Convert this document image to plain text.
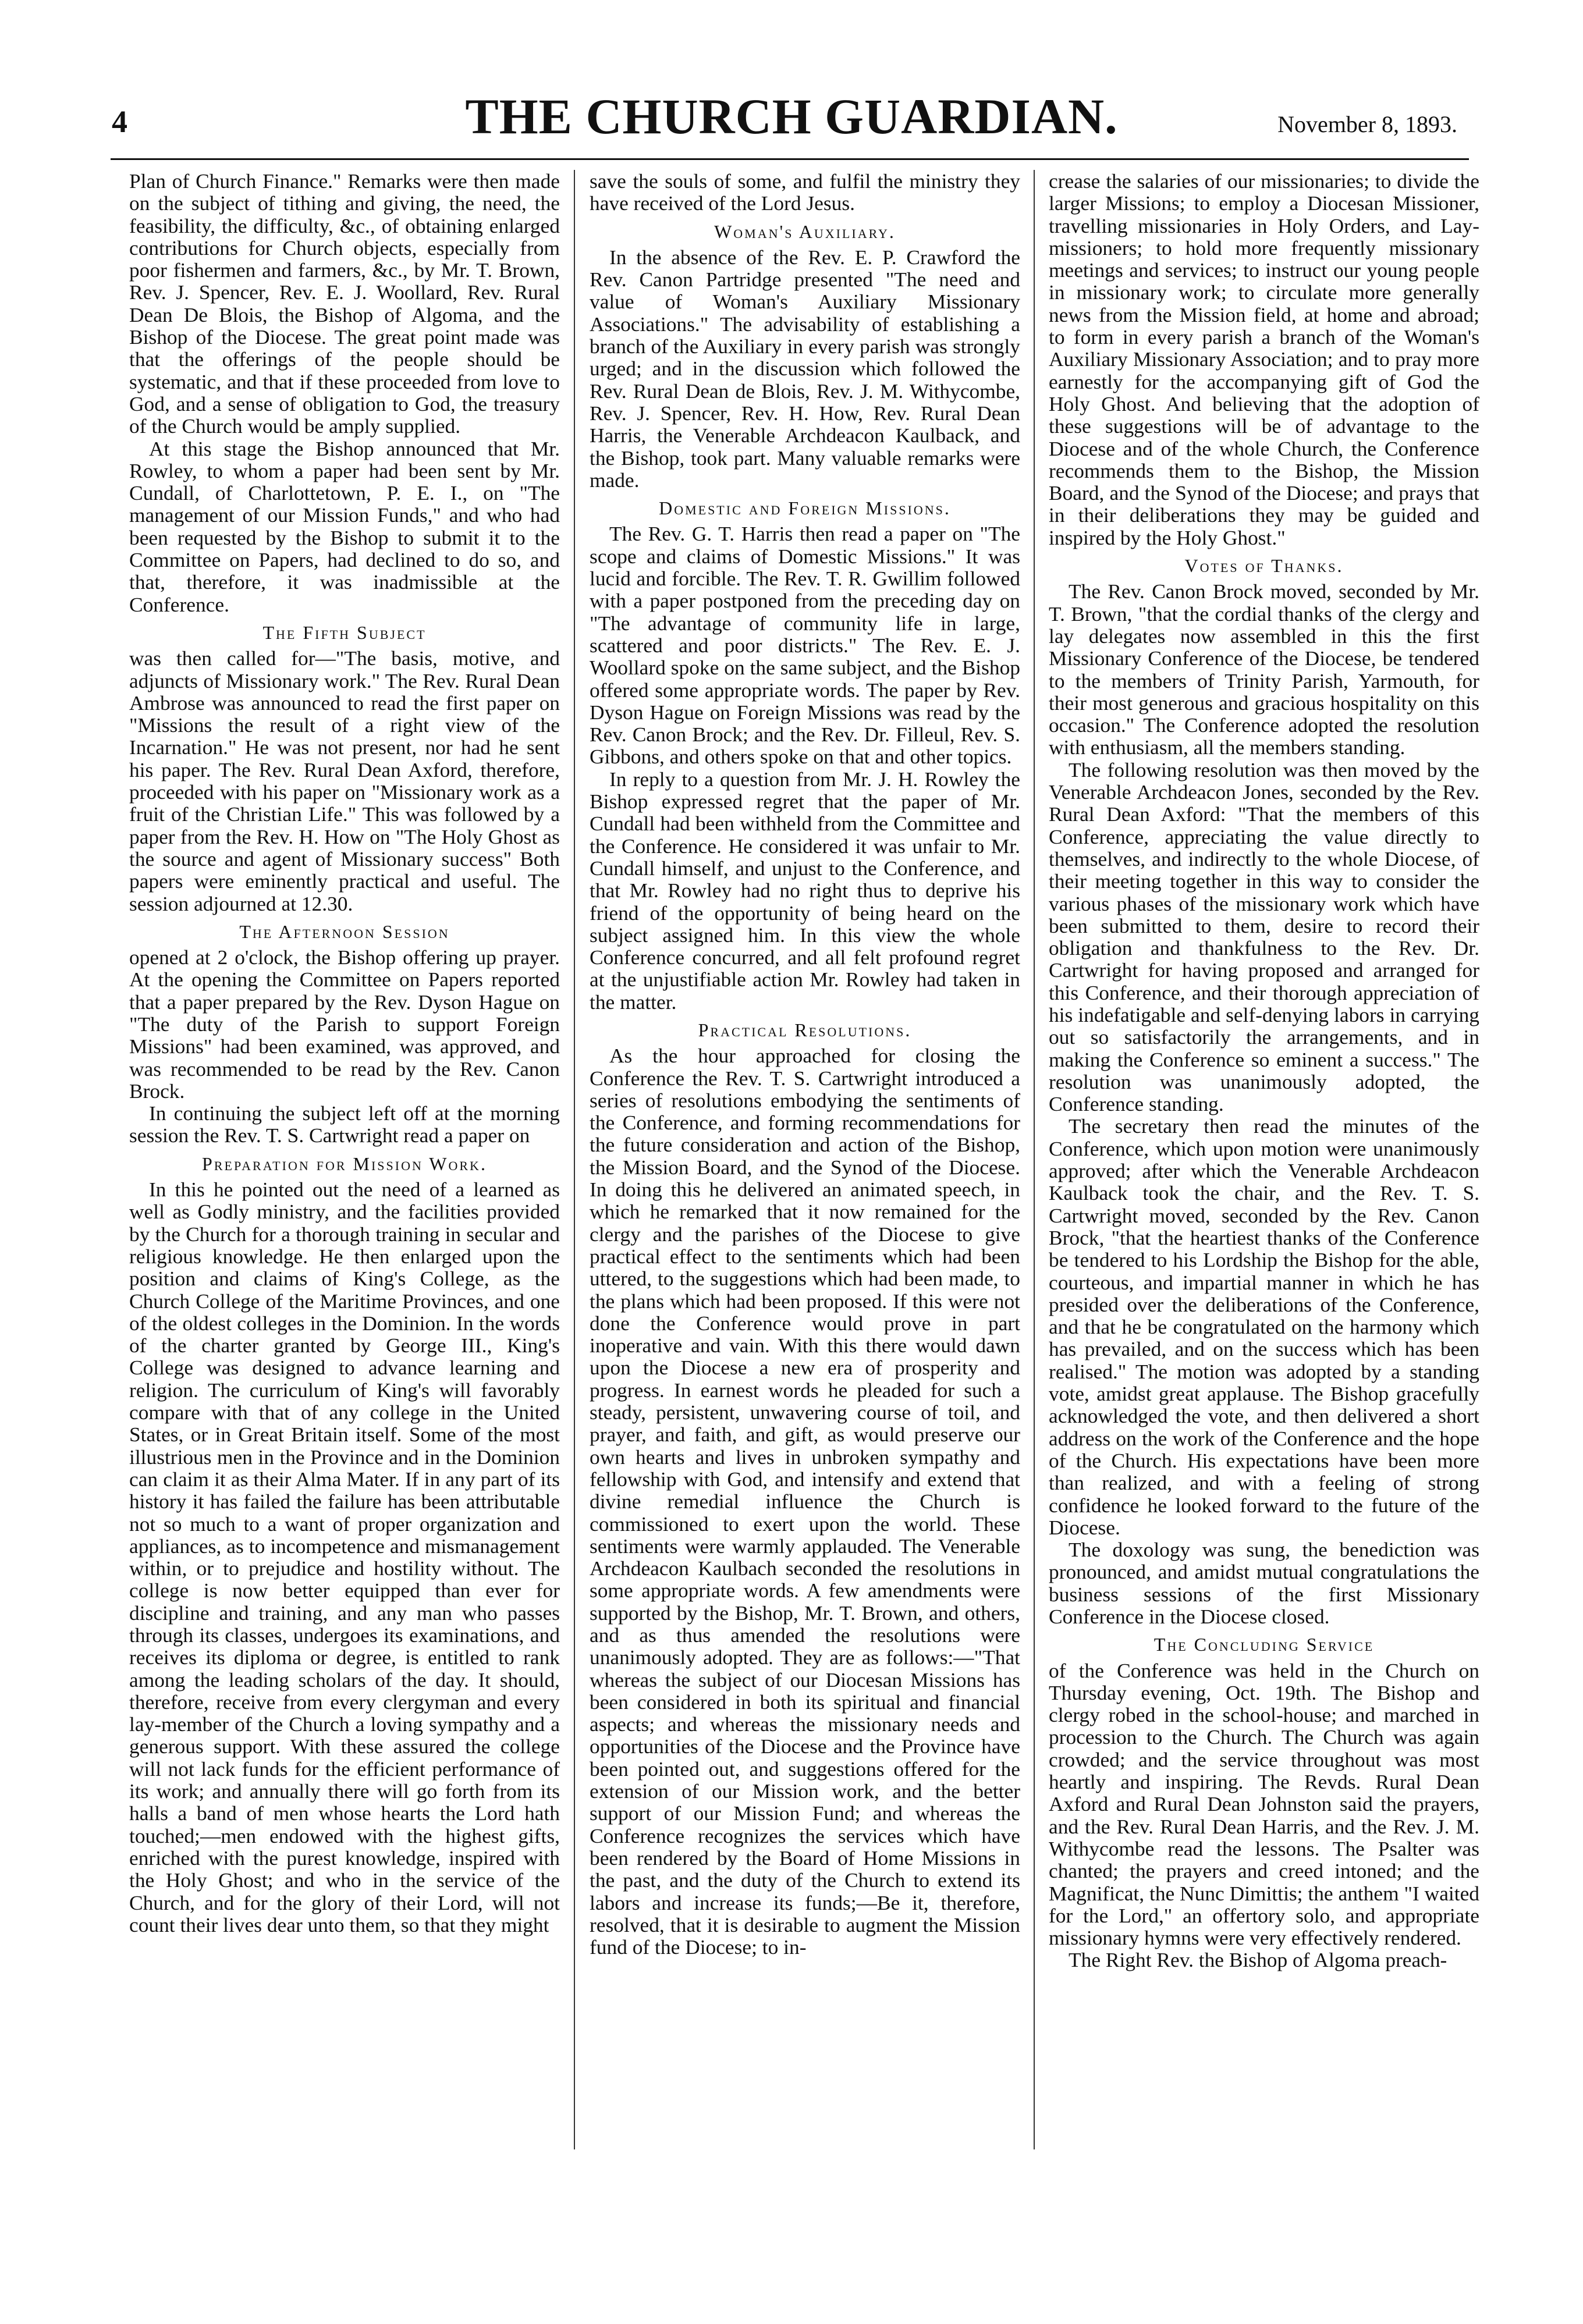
4	THE CHURCH GUARDIAN.	November 8, 1893.

Plan of Church Finance." Remarks were then made on the subject of tithing and giving, the need, the feasibility, the difficulty, &c., of obtaining enlarged contributions for Church objects, especially from poor fishermen and farmers, &c., by Mr. T. Brown, Rev. J. Spencer, Rev. E. J. Woollard, Rev. Rural Dean De Blois, the Bishop of Algoma, and the Bishop of the Diocese. The great point made was that the offerings of the people should be systematic, and that if these proceeded from love to God, and a sense of obligation to God, the treasury of the Church would be amply supplied.

At this stage the Bishop announced that Mr. Rowley, to whom a paper had been sent by Mr. Cundall, of Charlottetown, P. E. I., on "The management of our Mission Funds," and who had been requested by the Bishop to submit it to the Committee on Papers, had declined to do so, and that, therefore, it was inadmissible at the Conference.

The Fifth Subject

was then called for—"The basis, motive, and adjuncts of Missionary work." The Rev. Rural Dean Ambrose was announced to read the first paper on "Missions the result of a right view of the Incarnation." He was not present, nor had he sent his paper. The Rev. Rural Dean Axford, therefore, proceeded with his paper on "Missionary work as a fruit of the Christian Life." This was followed by a paper from the Rev. H. How on "The Holy Ghost as the source and agent of Missionary success" Both papers were eminently practical and useful. The session adjourned at 12.30.

The Afternoon Session

opened at 2 o'clock, the Bishop offering up prayer. At the opening the Committee on Papers reported that a paper prepared by the Rev. Dyson Hague on "The duty of the Parish to support Foreign Missions" had been examined, was approved, and was recommended to be read by the Rev. Canon Brock.

In continuing the subject left off at the morning session the Rev. T. S. Cartwright read a paper on

Preparation for Mission Work.

In this he pointed out the need of a learned as well as Godly ministry, and the facilities provided by the Church for a thorough training in secular and religious knowledge. He then enlarged upon the position and claims of King's College, as the Church College of the Maritime Provinces, and one of the oldest colleges in the Dominion. In the words of the charter granted by George III., King's College was designed to advance learning and religion. The curriculum of King's will favorably compare with that of any college in the United States, or in Great Britain itself. Some of the most illustrious men in the Province and in the Dominion can claim it as their Alma Mater. If in any part of its history it has failed the failure has been attributable not so much to a want of proper organization and appliances, as to incompetence and mismanagement within, or to prejudice and hostility without. The college is now better equipped than ever for discipline and training, and any man who passes through its classes, undergoes its examinations, and receives its diploma or degree, is entitled to rank among the leading scholars of the day. It should, therefore, receive from every clergyman and every lay-member of the Church a loving sympathy and a generous support. With these assured the college will not lack funds for the efficient performance of its work; and annually there will go forth from its halls a band of men whose hearts the Lord hath touched;—men endowed with the highest gifts, enriched with the purest knowledge, inspired with the Holy Ghost; and who in the service of the Church, and for the glory of their Lord, will not count their lives dear unto them, so that they might

save the souls of some, and fulfil the ministry they have received of the Lord Jesus.

Woman's Auxiliary.

In the absence of the Rev. E. P. Crawford the Rev. Canon Partridge presented "The need and value of Woman's Auxiliary Missionary Associations." The advisability of establishing a branch of the Auxiliary in every parish was strongly urged; and in the discussion which followed the Rev. Rural Dean de Blois, Rev. J. M. Withycombe, Rev. J. Spencer, Rev. H. How, Rev. Rural Dean Harris, the Venerable Archdeacon Kaulback, and the Bishop, took part. Many valuable remarks were made.

Domestic and Foreign Missions.

The Rev. G. T. Harris then read a paper on "The scope and claims of Domestic Missions." It was lucid and forcible. The Rev. T. R. Gwillim followed with a paper postponed from the preceding day on "The advantage of community life in large, scattered and poor districts." The Rev. E. J. Woollard spoke on the same subject, and the Bishop offered some appropriate words. The paper by Rev. Dyson Hague on Foreign Missions was read by the Rev. Canon Brock; and the Rev. Dr. Filleul, Rev. S. Gibbons, and others spoke on that and other topics.

In reply to a question from Mr. J. H. Rowley the Bishop expressed regret that the paper of Mr. Cundall had been withheld from the Committee and the Conference. He considered it was unfair to Mr. Cundall himself, and unjust to the Conference, and that Mr. Rowley had no right thus to deprive his friend of the opportunity of being heard on the subject assigned him. In this view the whole Conference concurred, and all felt profound regret at the unjustifiable action Mr. Rowley had taken in the matter.

Practical Resolutions.

As the hour approached for closing the Conference the Rev. T. S. Cartwright introduced a series of resolutions embodying the sentiments of the Conference, and forming recommendations for the future consideration and action of the Bishop, the Mission Board, and the Synod of the Diocese. In doing this he delivered an animated speech, in which he remarked that it now remained for the clergy and the parishes of the Diocese to give practical effect to the sentiments which had been uttered, to the suggestions which had been made, to the plans which had been proposed. If this were not done the Conference would prove in part inoperative and vain. With this there would dawn upon the Diocese a new era of prosperity and progress. In earnest words he pleaded for such a steady, persistent, unwavering course of toil, and prayer, and faith, and gift, as would preserve our own hearts and lives in unbroken sympathy and fellowship with God, and intensify and extend that divine remedial influence the Church is commissioned to exert upon the world. These sentiments were warmly applauded. The Venerable Archdeacon Kaulbach seconded the resolutions in some appropriate words. A few amendments were supported by the Bishop, Mr. T. Brown, and others, and as thus amended the resolutions were unanimously adopted. They are as follows:—"That whereas the subject of our Diocesan Missions has been considered in both its spiritual and financial aspects; and whereas the missionary needs and opportunities of the Diocese and the Province have been pointed out, and suggestions offered for the extension of our Mission work, and the better support of our Mission Fund; and whereas the Conference recognizes the services which have been rendered by the Board of Home Missions in the past, and the duty of the Church to extend its labors and increase its funds;—Be it, therefore, resolved, that it is desirable to augment the Mission fund of the Diocese; to in-

crease the salaries of our missionaries; to divide the larger Missions; to employ a Diocesan Missioner, travelling missionaries in Holy Orders, and Lay-missioners; to hold more frequently missionary meetings and services; to instruct our young people in missionary work; to circulate more generally news from the Mission field, at home and abroad; to form in every parish a branch of the Woman's Auxiliary Missionary Association; and to pray more earnestly for the accompanying gift of God the Holy Ghost. And believing that the adoption of these suggestions will be of advantage to the Diocese and of the whole Church, the Conference recommends them to the Bishop, the Mission Board, and the Synod of the Diocese; and prays that in their deliberations they may be guided and inspired by the Holy Ghost."

Votes of Thanks.

The Rev. Canon Brock moved, seconded by Mr. T. Brown, "that the cordial thanks of the clergy and lay delegates now assembled in this the first Missionary Conference of the Diocese, be tendered to the members of Trinity Parish, Yarmouth, for their most generous and gracious hospitality on this occasion." The Conference adopted the resolution with enthusiasm, all the members standing.

The following resolution was then moved by the Venerable Archdeacon Jones, seconded by the Rev. Rural Dean Axford: "That the members of this Conference, appreciating the value directly to themselves, and indirectly to the whole Diocese, of their meeting together in this way to consider the various phases of the missionary work which have been submitted to them, desire to record their obligation and thankfulness to the Rev. Dr. Cartwright for having proposed and arranged for this Conference, and their thorough appreciation of his indefatigable and self-denying labors in carrying out so satisfactorily the arrangements, and in making the Conference so eminent a success." The resolution was unanimously adopted, the Conference standing.

The secretary then read the minutes of the Conference, which upon motion were unanimously approved; after which the Venerable Archdeacon Kaulback took the chair, and the Rev. T. S. Cartwright moved, seconded by the Rev. Canon Brock, "that the heartiest thanks of the Conference be tendered to his Lordship the Bishop for the able, courteous, and impartial manner in which he has presided over the deliberations of the Conference, and that he be congratulated on the harmony which has prevailed, and on the success which has been realised." The motion was adopted by a standing vote, amidst great applause. The Bishop gracefully acknowledged the vote, and then delivered a short address on the work of the Conference and the hope of the Church. His expectations have been more than realized, and with a feeling of strong confidence he looked forward to the future of the Diocese.

The doxology was sung, the benediction was pronounced, and amidst mutual congratulations the business sessions of the first Missionary Conference in the Diocese closed.

The Concluding Service

of the Conference was held in the Church on Thursday evening, Oct. 19th. The Bishop and clergy robed in the school-house; and marched in procession to the Church. The Church was again crowded; and the service throughout was most heartly and inspiring. The Revds. Rural Dean Axford and Rural Dean Johnston said the prayers, and the Rev. Rural Dean Harris, and the Rev. J. M. Withycombe read the lessons. The Psalter was chanted; the prayers and creed intoned; and the Magnificat, the Nunc Dimittis; the anthem "I waited for the Lord," an offertory solo, and appropriate missionary hymns were very effectively rendered.

The Right Rev. the Bishop of Algoma preach-
